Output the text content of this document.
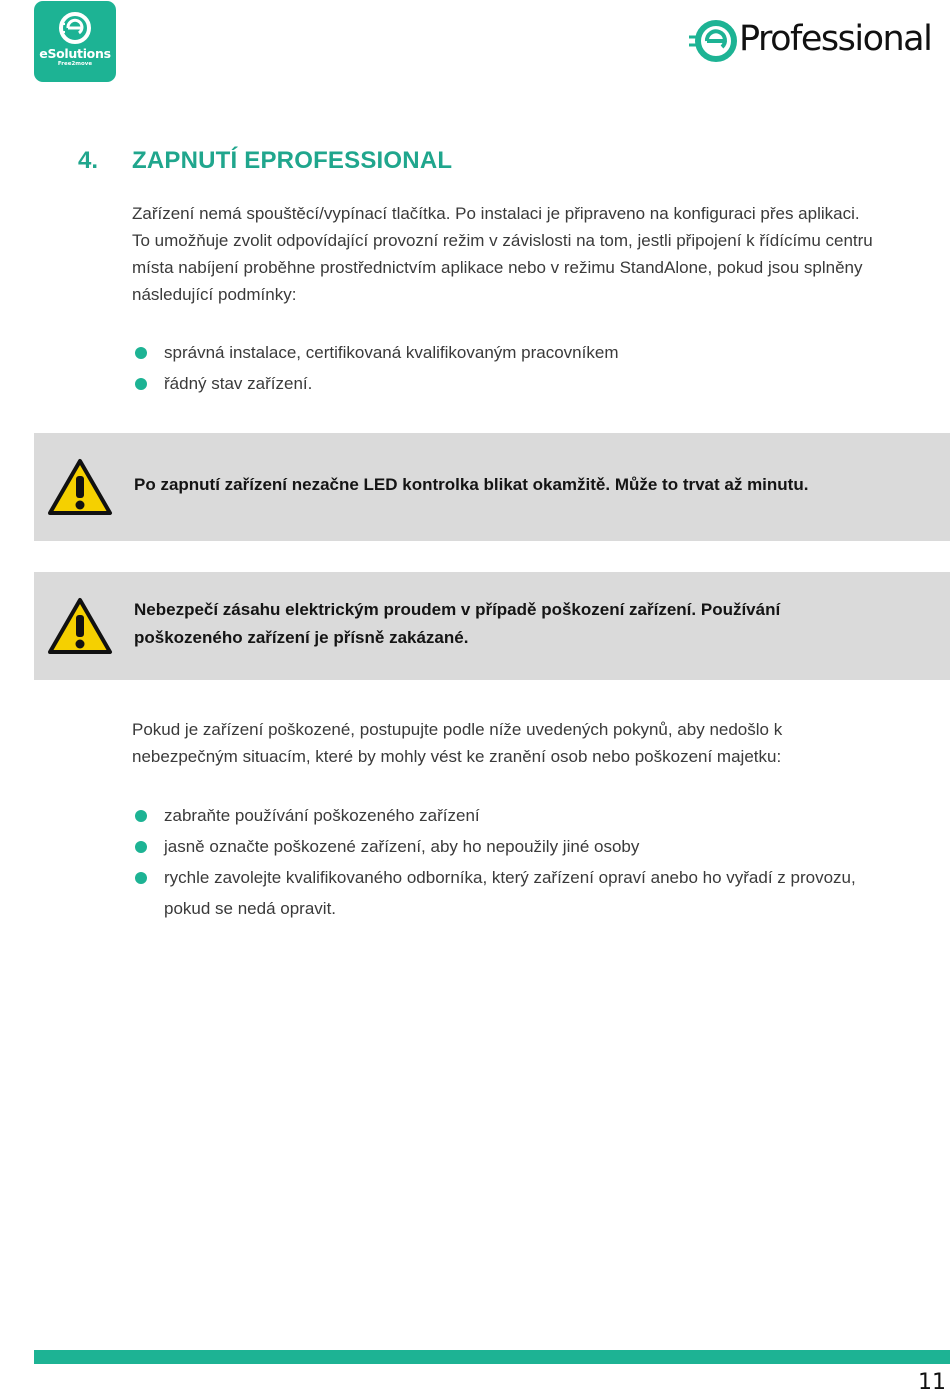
eSolutions
Free2move
Professional
4. ZAPNUTÍ EPROFESSIONAL

Zařízení nemá spouštěcí/vypínací tlačítka. Po instalaci je připraveno na konfiguraci přes aplikaci.
To umožňuje zvolit odpovídající provozní režim v závislosti na tom, jestli připojení k řídícímu centru
místa nabíjení proběhne prostřednictvím aplikace nebo v režimu StandAlone, pokud jsou splněny
následující podmínky:

správná instalace, certifikovaná kvalifikovaným pracovníkem
řádný stav zařízení.
Po zapnutí zařízení nezačne LED kontrolka blikat okamžitě. Může to trvat až minutu.
Nebezpečí zásahu elektrickým proudem v případě poškození zařízení. Používání
poškozeného zařízení je přísně zakázané.

Pokud je zařízení poškozené, postupujte podle níže uvedených pokynů, aby nedošlo k
nebezpečným situacím, které by mohly vést ke zranění osob nebo poškození majetku:

zabraňte používání poškozeného zařízení
jasně označte poškozené zařízení, aby ho nepoužily jiné osoby
rychle zavolejte kvalifikovaného odborníka, který zařízení opraví anebo ho vyřadí z provozu,
pokud se nedá opravit.
11
